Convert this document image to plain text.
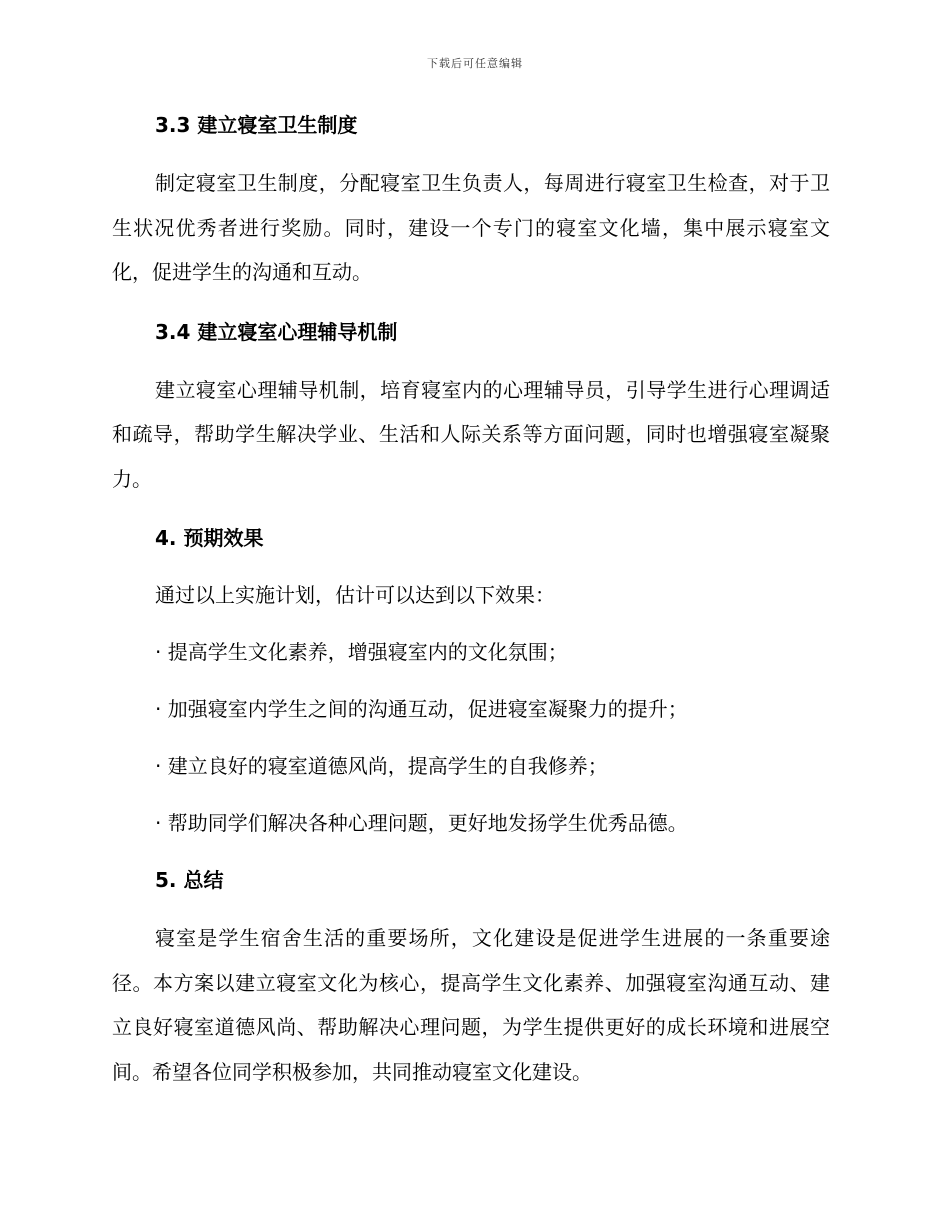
下载后可任意编辑
3.3 建立寝室卫生制度

制定寝室卫生制度，分配寝室卫生负责人，每周进行寝室卫生检查，对于卫生状况优秀者进行奖励。同时，建设一个专门的寝室文化墙，集中展示寝室文化，促进学生的沟通和互动。

3.4 建立寝室心理辅导机制

建立寝室心理辅导机制，培育寝室内的心理辅导员，引导学生进行心理调适和疏导，帮助学生解决学业、生活和人际关系等方面问题，同时也增强寝室凝聚力。

4. 预期效果

通过以上实施计划，估计可以达到以下效果：

· 提高学生文化素养，增强寝室内的文化氛围；

· 加强寝室内学生之间的沟通互动，促进寝室凝聚力的提升；

· 建立良好的寝室道德风尚，提高学生的自我修养；

· 帮助同学们解决各种心理问题，更好地发扬学生优秀品德。

5. 总结

寝室是学生宿舍生活的重要场所，文化建设是促进学生进展的一条重要途径。本方案以建立寝室文化为核心，提高学生文化素养、加强寝室沟通互动、建立良好寝室道德风尚、帮助解决心理问题，为学生提供更好的成长环境和进展空间。希望各位同学积极参加，共同推动寝室文化建设。
